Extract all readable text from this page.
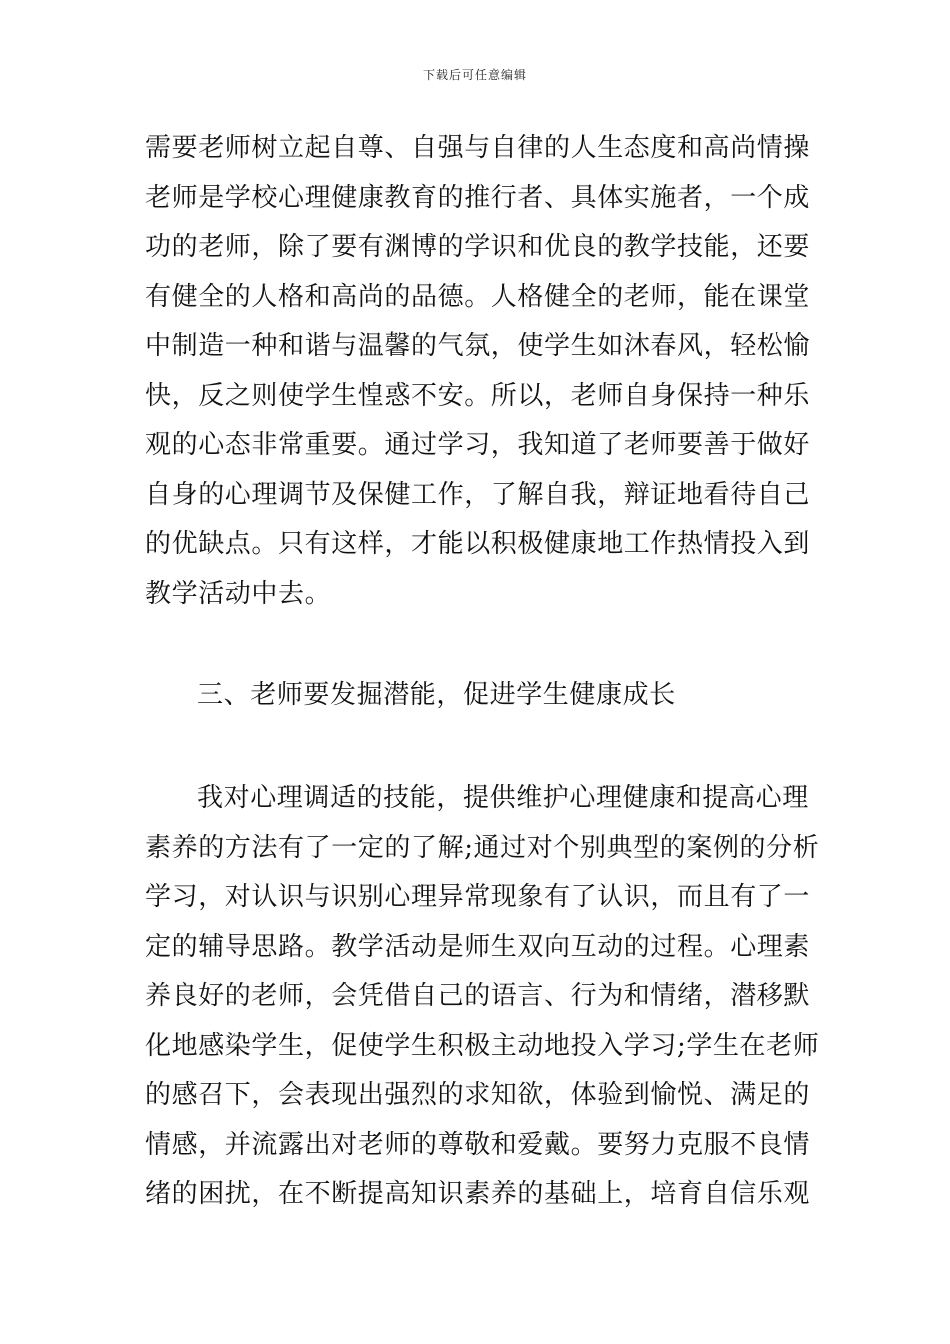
下载后可任意编辑
需要老师树立起自尊、自强与自律的人生态度和高尚情操
老师是学校心理健康教育的推行者、具体实施者，一个成
功的老师，除了要有渊博的学识和优良的教学技能，还要
有健全的人格和高尚的品德。人格健全的老师，能在课堂
中制造一种和谐与温馨的气氛，使学生如沐春风，轻松愉
快，反之则使学生惶惑不安。所以，老师自身保持一种乐
观的心态非常重要。通过学习，我知道了老师要善于做好
自身的心理调节及保健工作，了解自我，辩证地看待自己
的优缺点。只有这样，才能以积极健康地工作热情投入到
教学活动中去。
三、老师要发掘潜能，促进学生健康成长
我对心理调适的技能，提供维护心理健康和提高心理
素养的方法有了一定的了解;通过对个别典型的案例的分析
学习，对认识与识别心理异常现象有了认识，而且有了一
定的辅导思路。教学活动是师生双向互动的过程。心理素
养良好的老师，会凭借自己的语言、行为和情绪，潜移默
化地感染学生，促使学生积极主动地投入学习;学生在老师
的感召下，会表现出强烈的求知欲，体验到愉悦、满足的
情感，并流露出对老师的尊敬和爱戴。要努力克服不良情
绪的困扰，在不断提高知识素养的基础上，培育自信乐观
